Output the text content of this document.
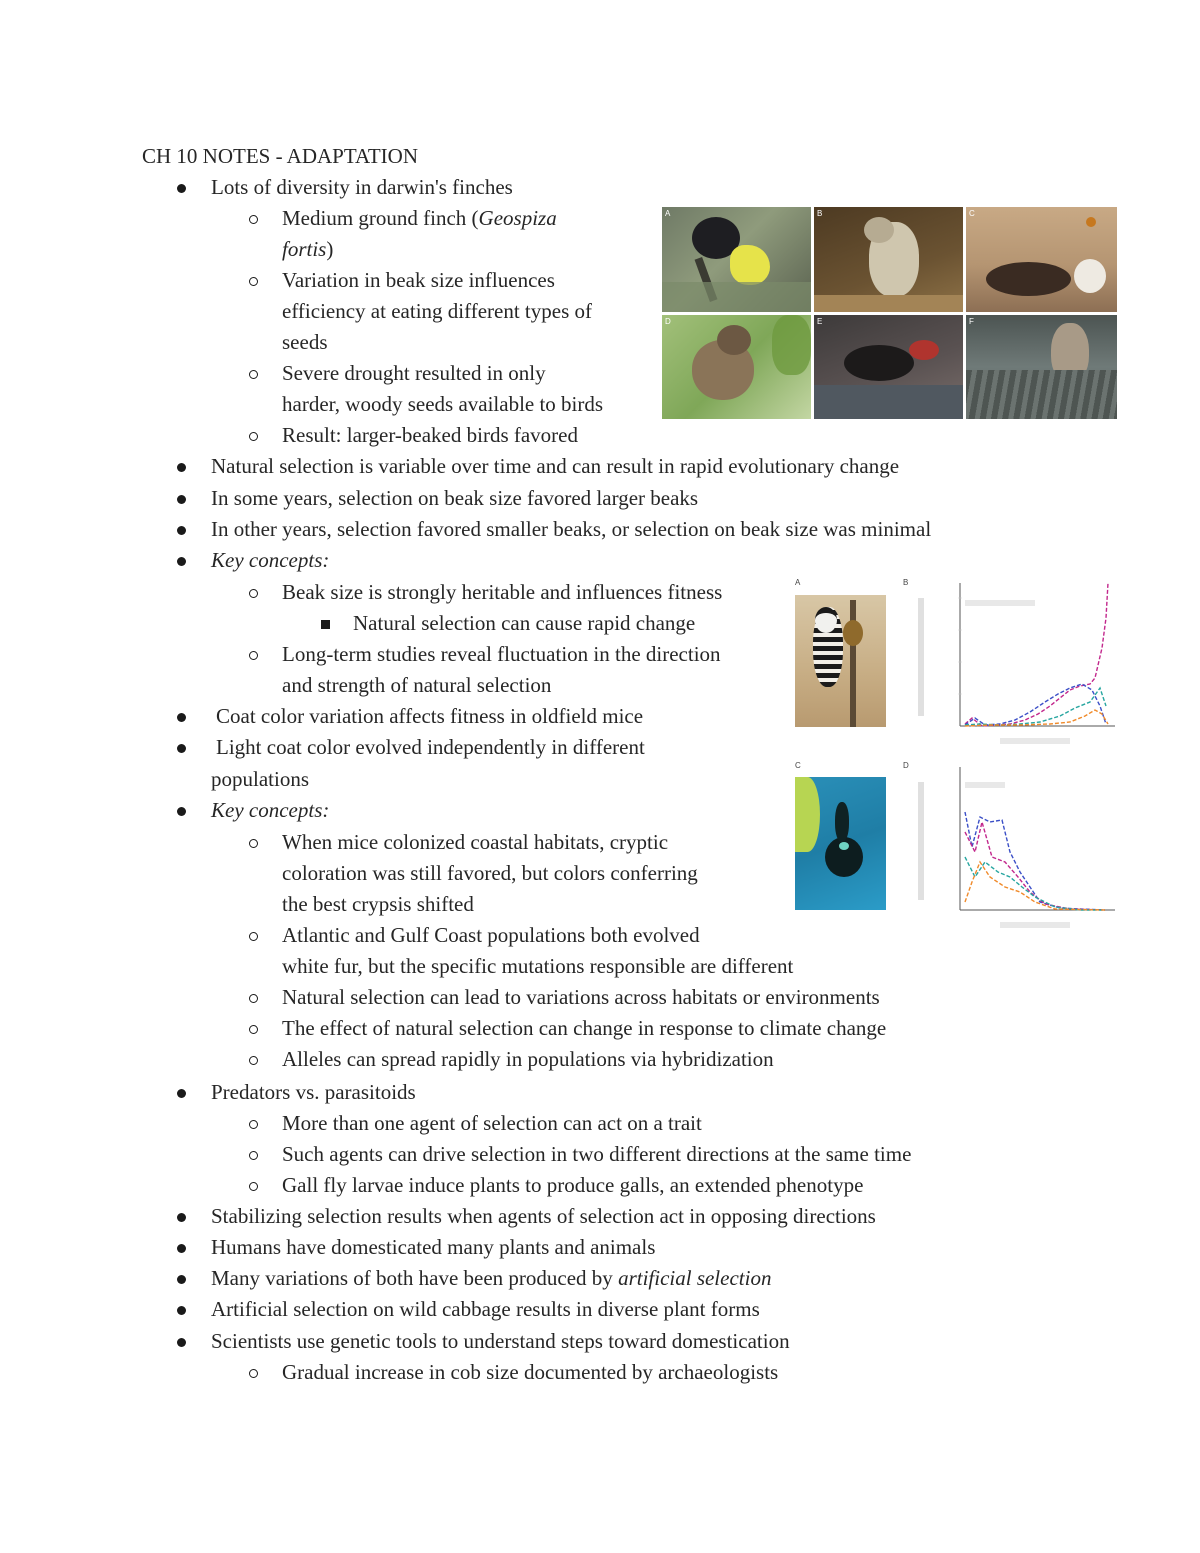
CH 10 NOTES - ADAPTATION
Lots of diversity in darwin's finches
Medium ground finch (Geospiza
fortis)
Variation in beak size influences
efficiency at eating different types of
seeds
Severe drought resulted in only
harder, woody seeds available to birds
Result: larger-beaked birds favored
Natural selection is variable over time and can result in rapid evolutionary change
In some years, selection on beak size favored larger beaks
In other years, selection favored smaller beaks, or selection on beak size was minimal
Key concepts:
Beak size is strongly heritable and influences fitness
Natural selection can cause rapid change
Long-term studies reveal fluctuation in the direction
and strength of natural selection
Coat color variation affects fitness in oldfield mice
Light coat color evolved independently in different
populations
Key concepts:
When mice colonized coastal habitats, cryptic
coloration was still favored, but colors conferring
the best crypsis shifted
Atlantic and Gulf Coast populations both evolved
white fur, but the specific mutations responsible are different
Natural selection can lead to variations across habitats or environments
The effect of natural selection can change in response to climate change
Alleles can spread rapidly in populations via hybridization
Predators vs. parasitoids
More than one agent of selection can act on a trait
Such agents can drive selection in two different directions at the same time
Gall fly larvae induce plants to produce galls, an extended phenotype
Stabilizing selection results when agents of selection act in opposing directions
Humans have domesticated many plants and animals
Many variations of both have been produced by artificial selection
Artificial selection on wild cabbage results in diverse plant forms
Scientists use genetic tools to understand steps toward domestication
Gradual increase in cob size documented by archaeologists
A	B	C
D	E	F
A
C
B
D
